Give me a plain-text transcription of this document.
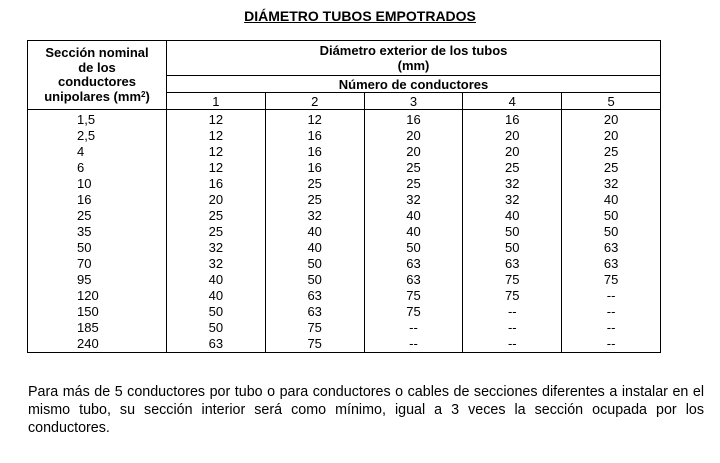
DIÁMETRO TUBOS EMPOTRADOS
Sección nominal
de los
conductores
unipolares $(mm^2)$	Diámetro exterior de los tubos
(mm)				
	Número de conductores				
	1	2	3	4	5
1,5	12	12	16	16	20
2,5	12	16	20	20	20
4	12	16	20	20	25
6	12	16	25	25	25
10	16	25	25	32	32
16	20	25	32	32	40
25	25	32	40	40	50
35	25	40	40	50	50
50	32	40	50	50	63
70	32	50	63	63	63
95	40	50	63	75	75
120	40	63	75	75	--
150	50	63	75	--	--
185	50	75	--	--	--
240	63	75	--	--	--

Para más de 5 conductores por tubo o para conductores o cables de secciones diferentes a instalar en el mismo tubo, su sección interior será como mínimo, igual a 3 veces la sección ocupada por los conductores.
